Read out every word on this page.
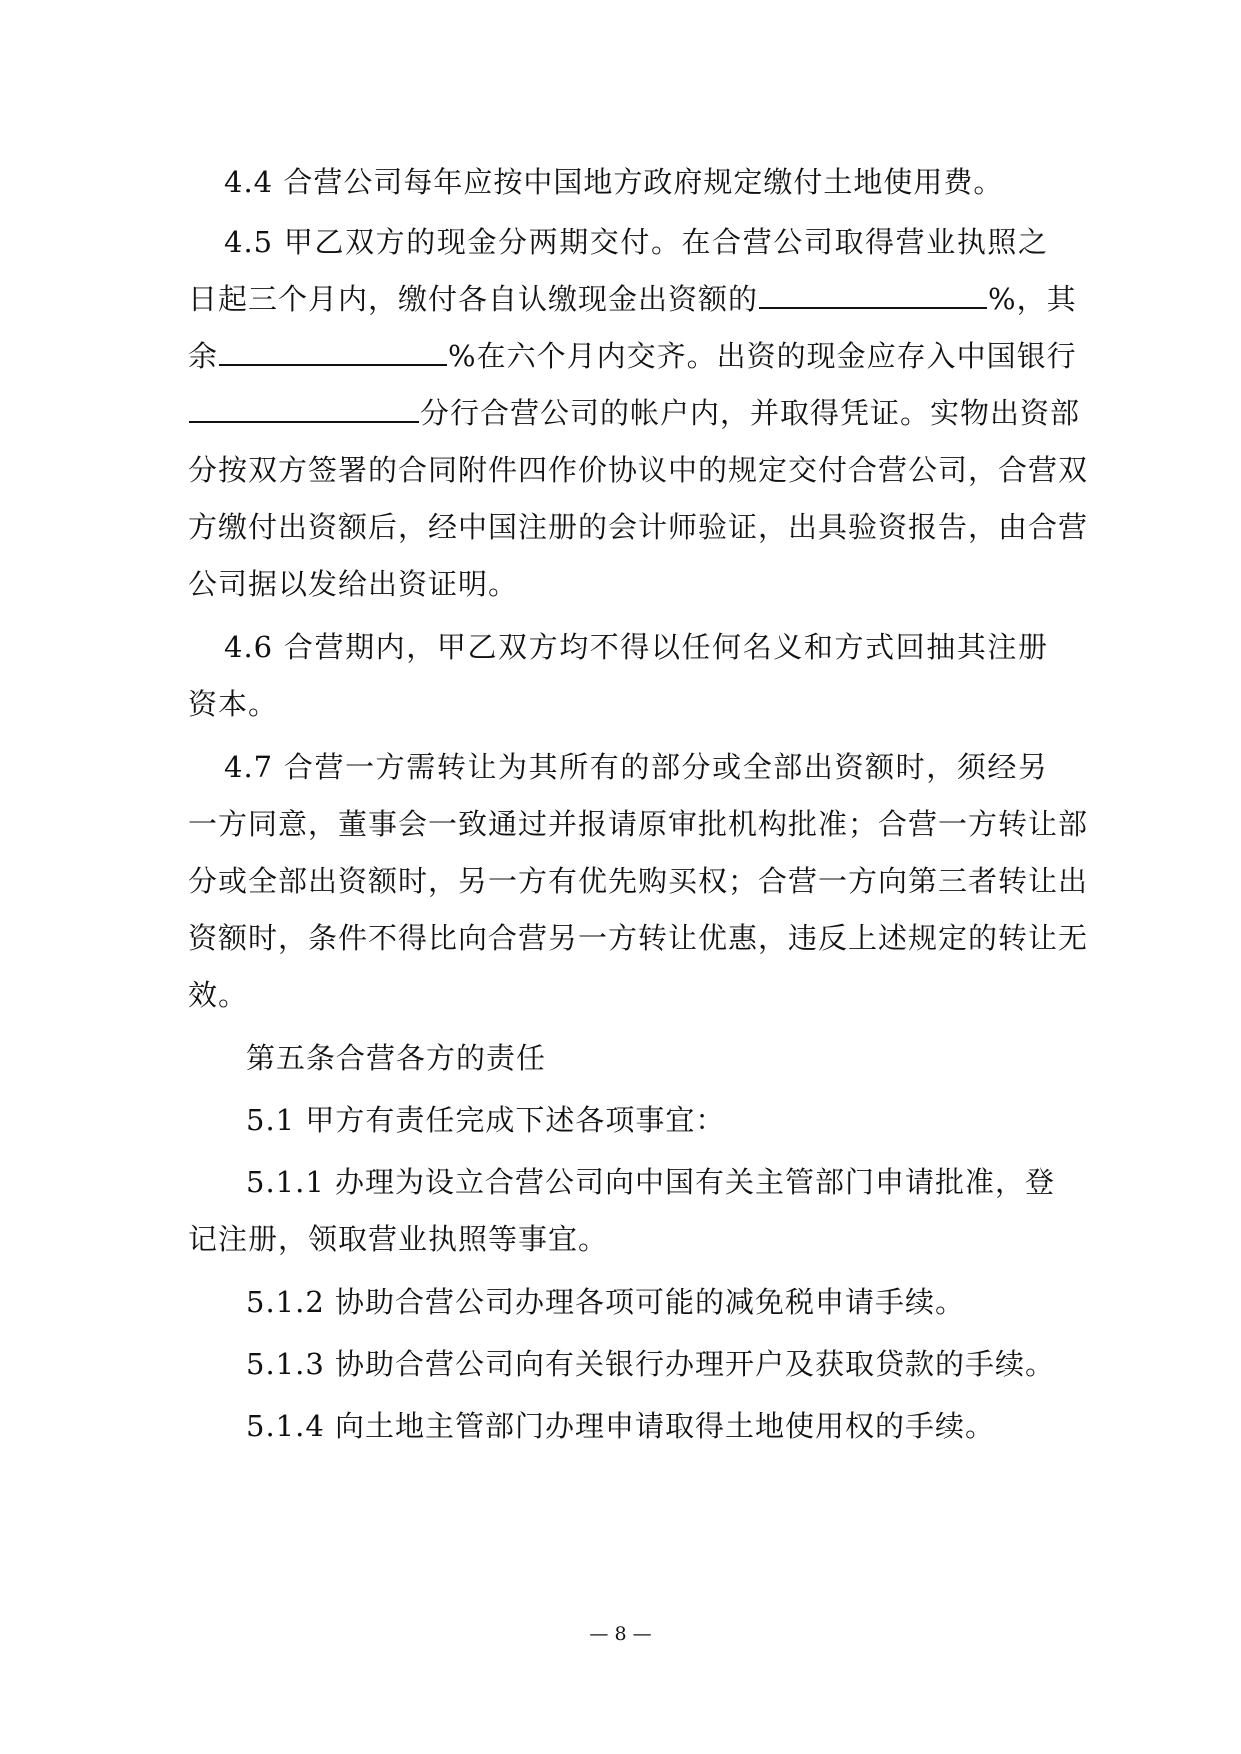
4.4 合营公司每年应按中国地方政府规定缴付土地使用费。
4.5 甲乙双方的现金分两期交付。在合营公司取得营业执照之
日起三个月内，缴付各自认缴现金出资额的	%，其
余	%在六个月内交齐。出资的现金应存入中国银行
分行合营公司的帐户内，并取得凭证。实物出资部
分按双方签署的合同附件四作价协议中的规定交付合营公司，合营双
方缴付出资额后，经中国注册的会计师验证，出具验资报告，由合营
公司据以发给出资证明。
4.6 合营期内，甲乙双方均不得以任何名义和方式回抽其注册
资本。
4.7 合营一方需转让为其所有的部分或全部出资额时，须经另
一方同意，董事会一致通过并报请原审批机构批准；合营一方转让部
分或全部出资额时，另一方有优先购买权；合营一方向第三者转让出
资额时，条件不得比向合营另一方转让优惠，违反上述规定的转让无
效。
第五条合营各方的责任
5.1 甲方有责任完成下述各项事宜：
5.1.1 办理为设立合营公司向中国有关主管部门申请批准，登
记注册，领取营业执照等事宜。
5.1.2 协助合营公司办理各项可能的减免税申请手续。
5.1.3 协助合营公司向有关银行办理开户及获取贷款的手续。
5.1.4 向土地主管部门办理申请取得土地使用权的手续。
— 8 —
